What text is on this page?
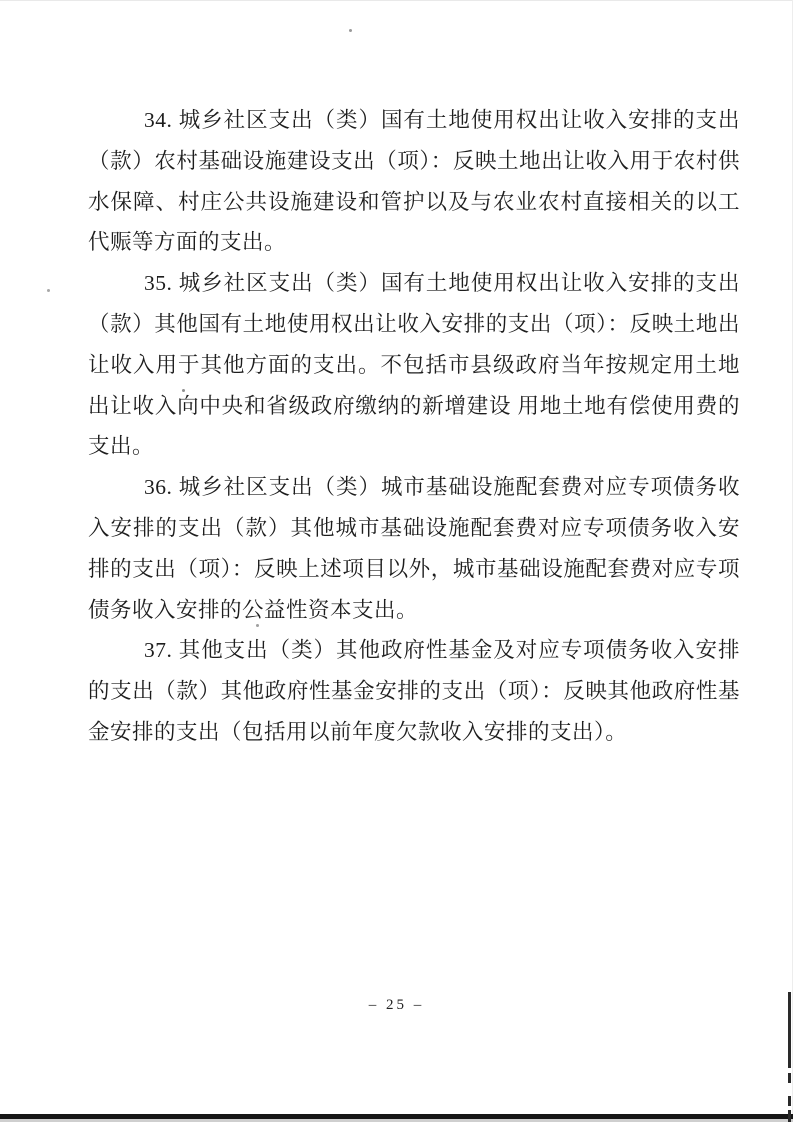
34. 城乡社区支出（类）国有土地使用权出让收入安排的支出（款）农村基础设施建设支出（项）：反映土地出让收入用于农村供水保障、村庄公共设施建设和管护以及与农业农村直接相关的以工代赈等方面的支出。

35. 城乡社区支出（类）国有土地使用权出让收入安排的支出（款）其他国有土地使用权出让收入安排的支出（项）：反映土地出让收入用于其他方面的支出。不包括市县级政府当年按规定用土地出让收入向中央和省级政府缴纳的新增建设 用地土地有偿使用费的支出。

36. 城乡社区支出（类）城市基础设施配套费对应专项债务收入安排的支出（款）其他城市基础设施配套费对应专项债务收入安排的支出（项）：反映上述项目以外，城市基础设施配套费对应专项债务收入安排的公益性资本支出。

37. 其他支出（类）其他政府性基金及对应专项债务收入安排的支出（款）其他政府性基金安排的支出（项）：反映其他政府性基金安排的支出（包括用以前年度欠款收入安排的支出）。

– 25 –
